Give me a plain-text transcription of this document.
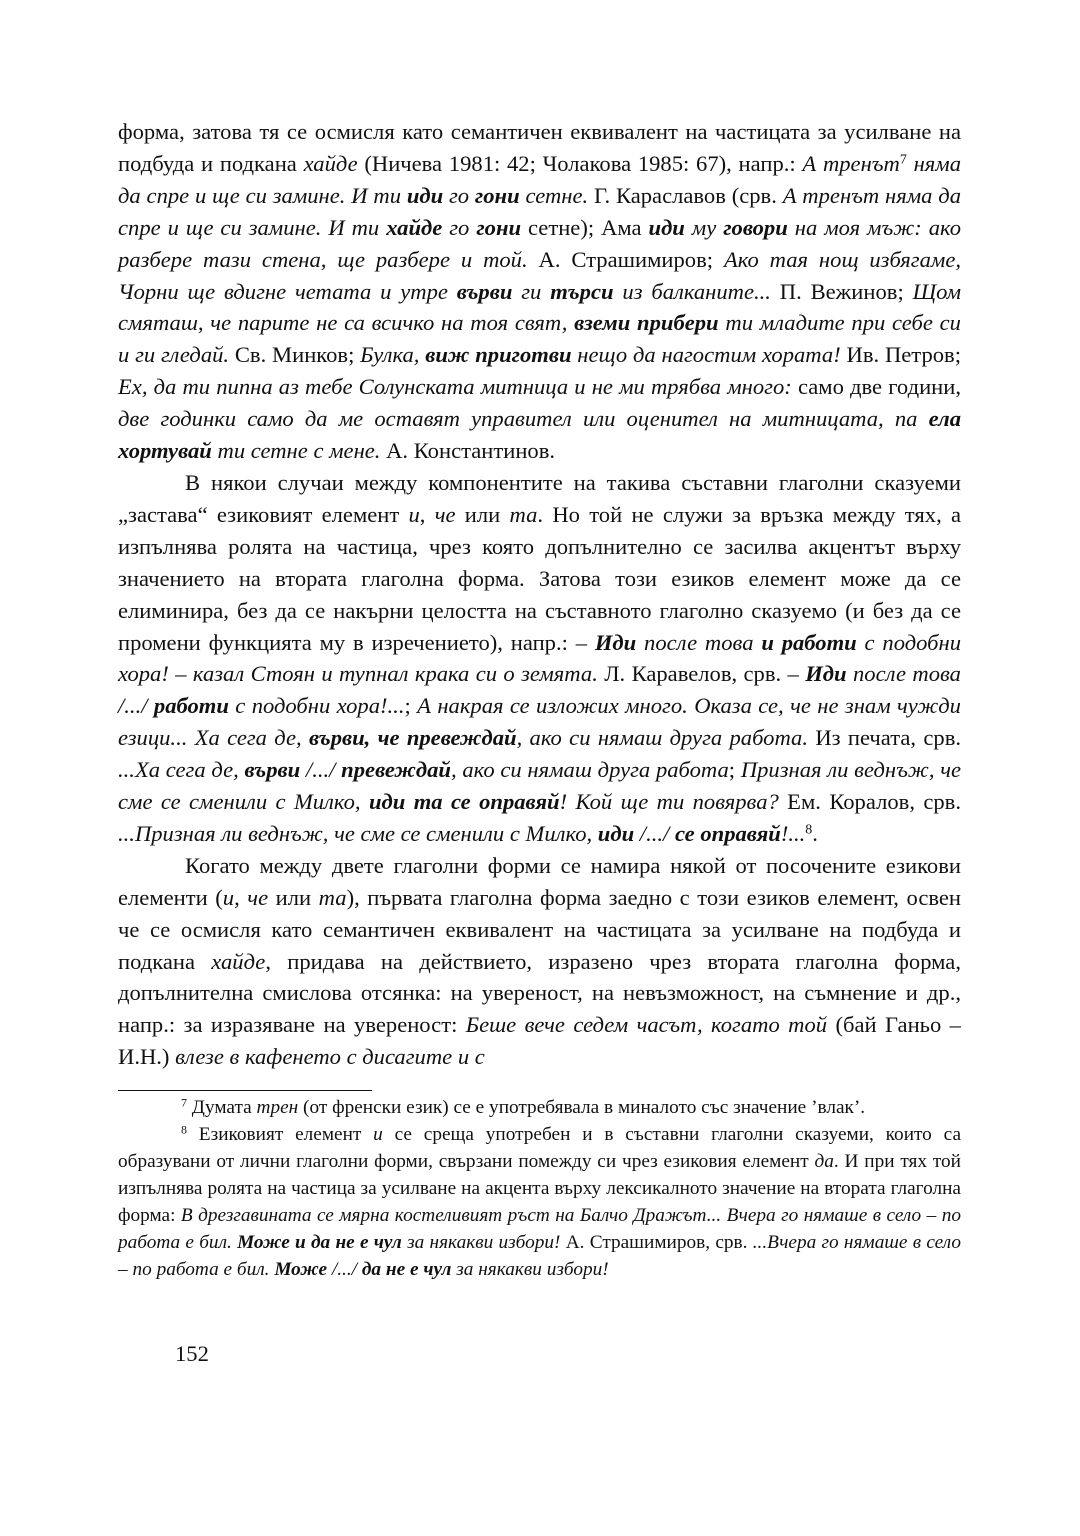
форма, затова тя се осмисля като семантичен еквивалент на частицата за усилване на подбуда и подкана хайде (Ничева 1981: 42; Чолакова 1985: 67), напр.: А тренът$^7$ няма да спре и ще си замине. И ти иди го гони сетне. Г. Караславов (срв. А тренът няма да спре и ще си замине. И ти хайде го гони сетне); Ама иди му говори на моя мъж: ако разбере тази стена, ще разбере и той. А. Страшимиров; Ако тая нощ избягаме, Чорни ще вдигне четата и утре върви ги търси из балканите... П. Вежинов; Щом смяташ, че парите не са всичко на тоя свят, вземи прибери ти младите при себе си и ги гледай. Св. Минков; Булка, виж приготви нещо да нагостим хората! Ив. Петров; Ех, да ти пипна аз тебе Солунската митница и не ми трябва много: само две години, две годинки само да ме оставят управител или оценител на митницата, па ела хортувай ти сетне с мене. А. Константинов.

В някои случаи между компонентите на такива съставни глаголни сказуеми „застава“ езиковият елемент и, че или та. Но той не служи за връзка между тях, а изпълнява ролята на частица, чрез която допълнително се засилва акцентът върху значението на втората глаголна форма. Затова този езиков елемент може да се елиминира, без да се накърни целостта на съставното глаголно сказуемо (и без да се промени функцията му в изречението), напр.: – Иди после това и работи с подобни хора! – казал Стоян и тупнал крака си о земята. Л. Каравелов, срв. – Иди после това /.../ работи с подобни хора!...; А накрая се изложих много. Оказа се, че не знам чужди езици... Ха сега де, върви, че превеждай, ако си нямаш друга работа. Из печата, срв. ...Ха сега де, върви /.../ превеждай, ако си нямаш друга работа; Призная ли веднъж, че сме се сменили с Милко, иди та се оправяй! Кой ще ти повярва? Ем. Коралов, срв. ...Призная ли веднъж, че сме се сменили с Милко, иди /.../ се оправяй!...$^8$.

Когато между двете глаголни форми се намира някой от посочените езикови елементи (и, че или та), първата глаголна форма заедно с този езиков елемент, освен че се осмисля като семантичен еквивалент на частицата за усилване на подбуда и подкана хайде, придава на действието, изразено чрез втората глаголна форма, допълнителна смислова отсянка: на увереност, на невъзможност, на съмнение и др., напр.: за изразяване на увереност: Беше вече седем часът, когато той (бай Ганьо – И.Н.) влезе в кафенето с дисагите и с

$^7$ Думата трен (от френски език) се е употребявала в миналото със значение ’влак’.

$^8$ Езиковият елемент и се среща употребен и в съставни глаголни сказуеми, които са образувани от лични глаголни форми, свързани помежду си чрез езиковия елемент да. И при тях той изпълнява ролята на частица за усилване на акцента върху лексикалното значение на втората глаголна форма: В дрезгавината се мярна костеливият ръст на Балчо Дражът... Вчера го нямаше в село – по работа е бил. Може и да не е чул за някакви избори! А. Страшимиров, срв. ...Вчера го нямаше в село – по работа е бил. Може /.../ да не е чул за някакви избори!

152
